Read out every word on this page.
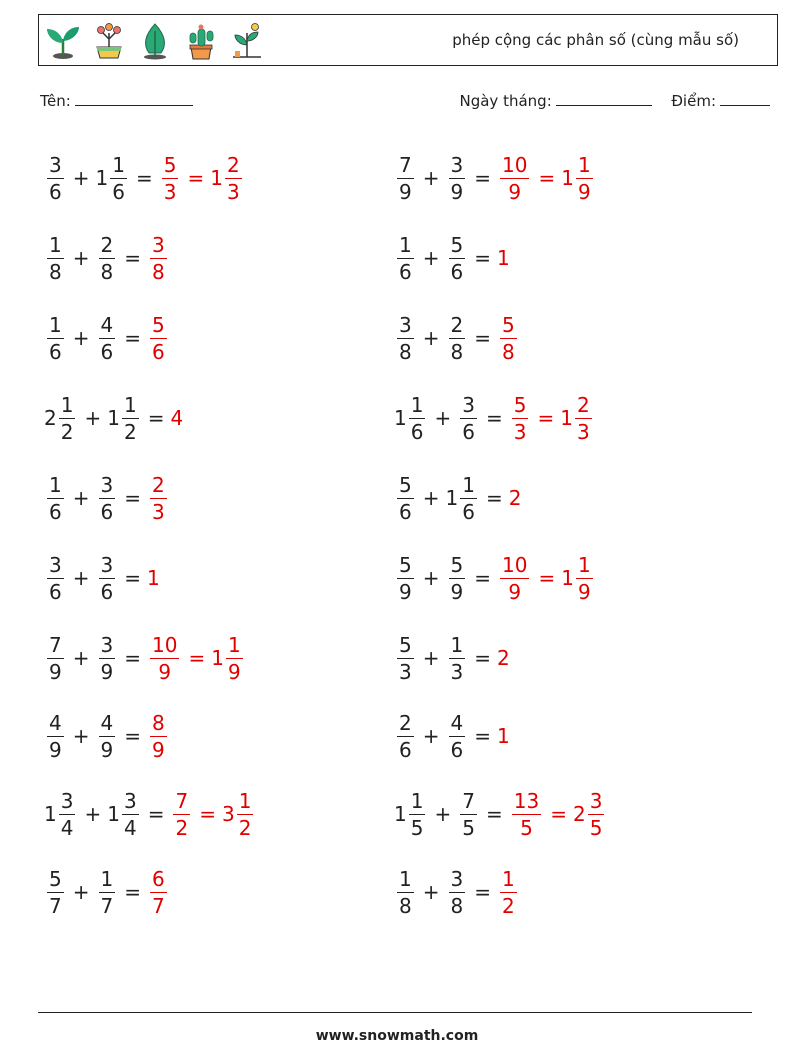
phép cộng các phân số (cùng mẫu số)
Tên:	Ngày tháng:	Điểm:
$\frac{3}{6} + 1 \frac{1}{6} = \frac{5}{3} = 1 \frac{2}{3}$	$\frac{7}{9} + \frac{3}{9} = \frac{10}{9} = 1 \frac{1}{9}$
$\frac{1}{8} + \frac{2}{8} = \frac{3}{8}$	$\frac{1}{6} + \frac{5}{6} = 1$
$\frac{1}{6} + \frac{4}{6} = \frac{5}{6}$	$\frac{3}{8} + \frac{2}{8} = \frac{5}{8}$
$2 \frac{1}{2} + 1 \frac{1}{2} = 4$	$1 \frac{1}{6} + \frac{3}{6} = \frac{5}{3} = 1 \frac{2}{3}$
$\frac{1}{6} + \frac{3}{6} = \frac{2}{3}$	$\frac{5}{6} + 1 \frac{1}{6} = 2$
$\frac{3}{6} + \frac{3}{6} = 1$	$\frac{5}{9} + \frac{5}{9} = \frac{10}{9} = 1 \frac{1}{9}$
$\frac{7}{9} + \frac{3}{9} = \frac{10}{9} = 1 \frac{1}{9}$	$\frac{5}{3} + \frac{1}{3} = 2$
$\frac{4}{9} + \frac{4}{9} = \frac{8}{9}$	$\frac{2}{6} + \frac{4}{6} = 1$
$1 \frac{3}{4} + 1 \frac{3}{4} = \frac{7}{2} = 3 \frac{1}{2}$	$1 \frac{1}{5} + \frac{7}{5} = \frac{13}{5} = 2 \frac{3}{5}$
$\frac{5}{7} + \frac{1}{7} = \frac{6}{7}$	$\frac{1}{8} + \frac{3}{8} = \frac{1}{2}$
www.snowmath.com
